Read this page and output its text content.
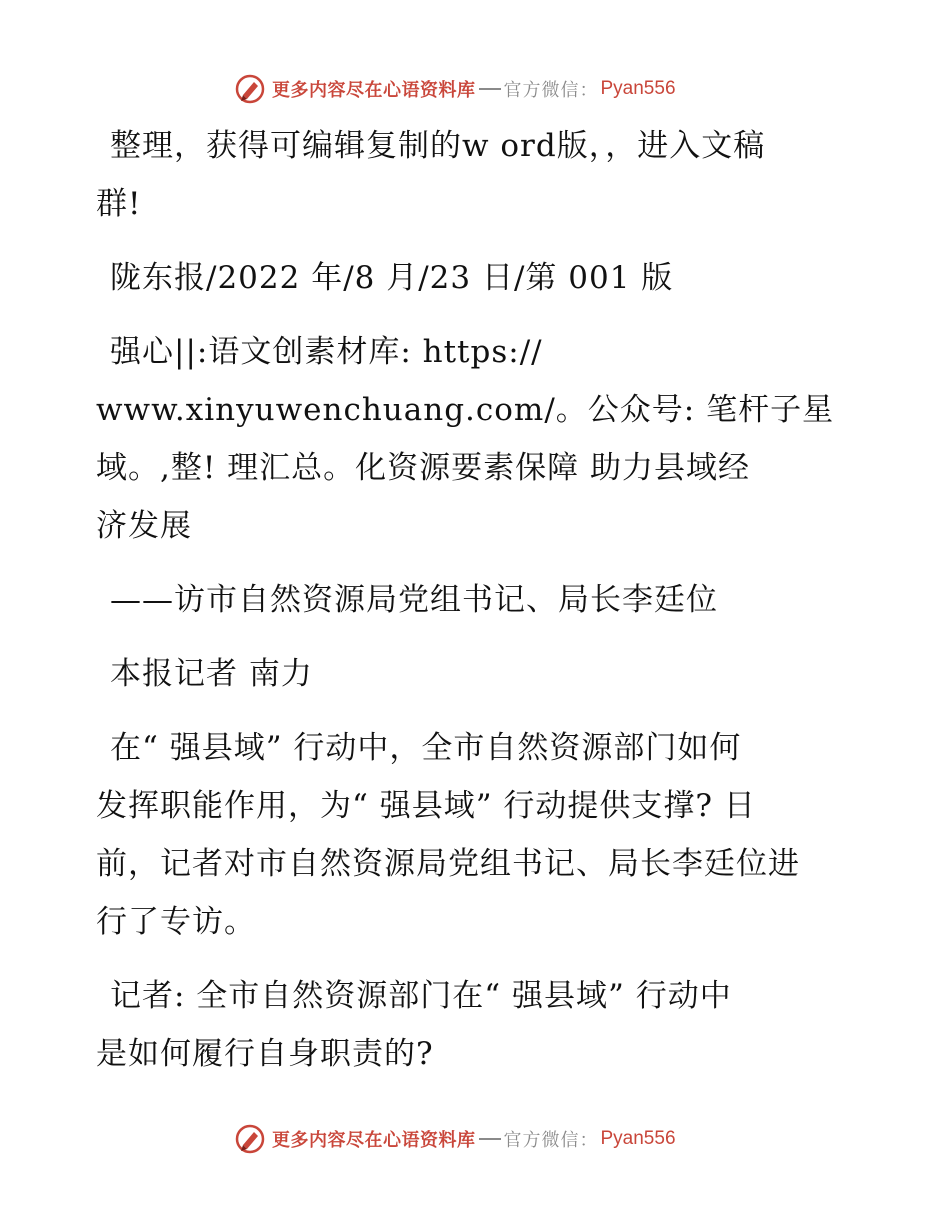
更多内容尽在心语资料库 官方微信： Pyan556
整理，获得可编辑复制的w ord版，，进入文稿
群!
陇东报/2022 年/8 月/23 日/第 001 版
强心||:语文创素材库: https://
www.xinyuwenchuang.com/。公众号: 笔杆子星
域。,整! 理汇总。化资源要素保障 助力县域经
济发展
——访市自然资源局党组书记、局长李廷位
本报记者 南力
在“ 强县域” 行动中，全市自然资源部门如何
发挥职能作用，为“ 强县域” 行动提供支撑? 日
前，记者对市自然资源局党组书记、局长李廷位进
行了专访。
记者: 全市自然资源部门在“ 强县域” 行动中
是如何履行自身职责的?
更多内容尽在心语资料库 官方微信： Pyan556
